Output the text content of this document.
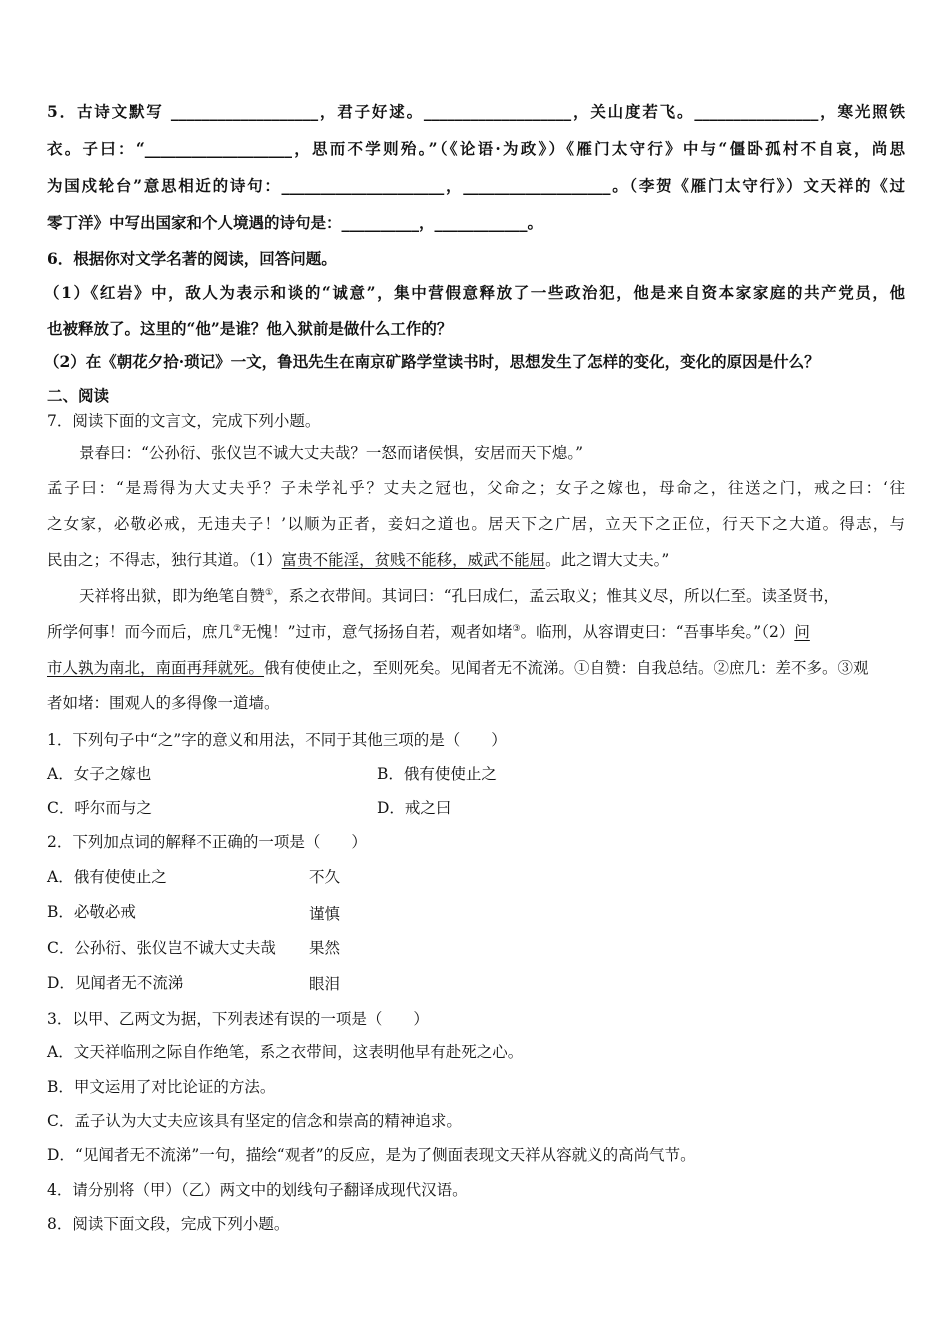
5．古诗文默写 ___________________，君子好逑。___________________，关山度若飞。________________，寒光照铁
衣。子曰：“___________________，思而不学则殆。”（《论语·为政》）《雁门太守行》中与“僵卧孤村不自哀，尚思
为国戍轮台”意思相近的诗句：_____________________，___________________。（李贺《雁门太守行》）文天祥的《过
零丁洋》中写出国家和个人境遇的诗句是：__________，____________。
6．根据你对文学名著的阅读，回答问题。
（1）《红岩》中，敌人为表示和谈的“诚意”，集中营假意释放了一些政治犯，他是来自资本家家庭的共产党员，他
也被释放了。这里的“他”是谁？他入狱前是做什么工作的？
（2）在《朝花夕拾·琐记》一文，鲁迅先生在南京矿路学堂读书时，思想发生了怎样的变化，变化的原因是什么？
二、阅读
7．阅读下面的文言文，完成下列小题。
景春曰：“公孙衍、张仪岂不诚大丈夫哉？一怒而诸侯惧，安居而天下熄。”
孟子曰：“是焉得为大丈夫乎？子未学礼乎？丈夫之冠也，父命之；女子之嫁也，母命之，往送之门，戒之曰：‘往
之女家，必敬必戒，无违夫子！’以顺为正者，妾妇之道也。居天下之广居，立天下之正位，行天下之大道。得志，与
民由之；不得志，独行其道。（1）富贵不能淫，贫贱不能移，威武不能屈。此之谓大丈夫。”
天祥将出狱，即为绝笔自赞①，系之衣带间。其词曰：“孔曰成仁，孟云取义；惟其义尽，所以仁至。读圣贤书，
所学何事！而今而后，庶几②无愧！”过市，意气扬扬自若，观者如堵③。临刑，从容谓吏曰：“吾事毕矣。”（2）问
市人孰为南北，南面再拜就死。俄有使使止之，至则死矣。见闻者无不流涕。①自赞：自我总结。②庶几：差不多。③观
者如堵：围观人的多得像一道墙。
1．下列句子中“之”字的意义和用法，不同于其他三项的是（　　）
A．女子之嫁也	B．俄有使使止之
C．呼尔而与之	D．戒之曰
2．下列加点词的解释不正确的一项是（　　）
A．俄有使使止之	不久
B．必敬必戒	谨慎
C．公孙衍、张仪岂不诚大丈夫哉 果然
D．见闻者无不流涕	眼泪
3．以甲、乙两文为据，下列表述有误的一项是（　　）
A．文天祥临刑之际自作绝笔，系之衣带间，这表明他早有赴死之心。
B．甲文运用了对比论证的方法。
C．孟子认为大丈夫应该具有坚定的信念和崇高的精神追求。
D．“见闻者无不流涕”一句，描绘“观者”的反应，是为了侧面表现文天祥从容就义的高尚气节。
4．请分别将（甲）（乙）两文中的划线句子翻译成现代汉语。
8．阅读下面文段，完成下列小题。
